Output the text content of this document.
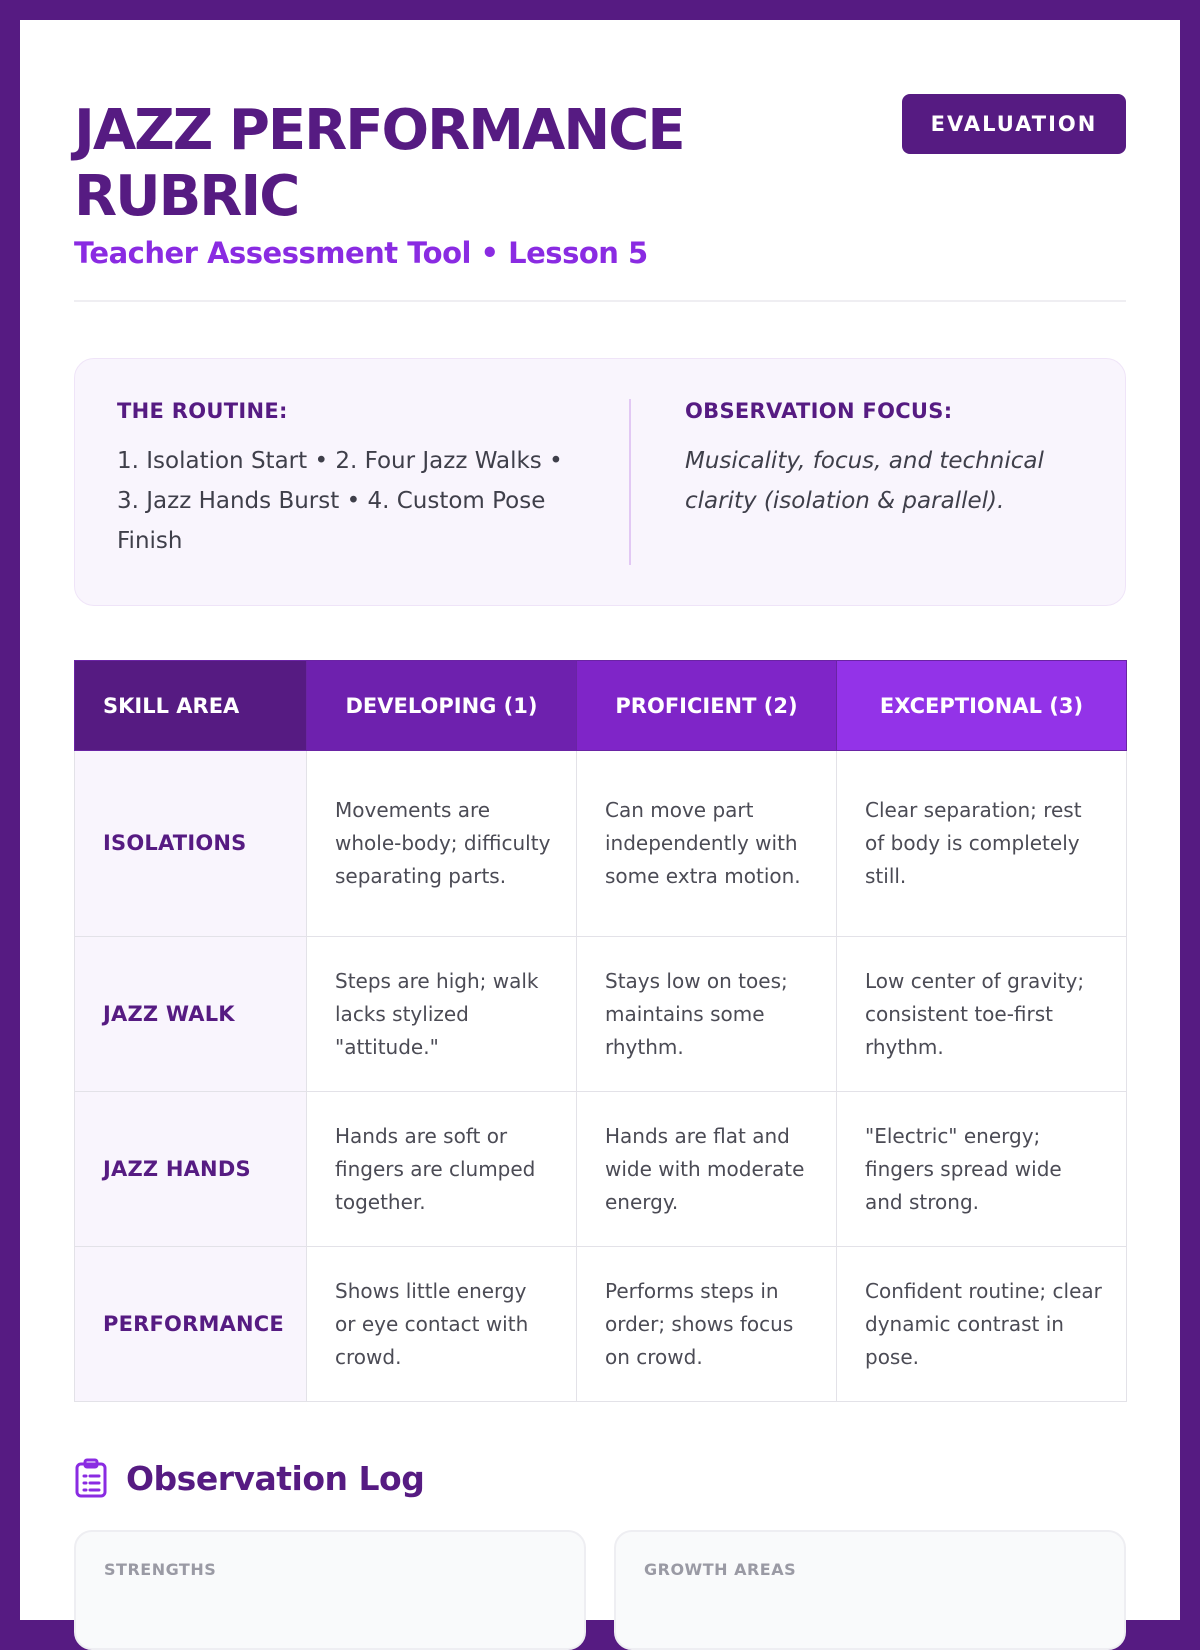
JAZZ PERFORMANCE RUBRIC
Teacher Assessment Tool • Lesson 5
EVALUATION
THE ROUTINE:
1. Isolation Start • 2. Four Jazz Walks • 3. Jazz Hands Burst • 4. Custom Pose Finish
OBSERVATION FOCUS:
Musicality, focus, and technical clarity (isolation & parallel).
SKILL AREA	DEVELOPING (1)	PROFICIENT (2)	EXCEPTIONAL (3)
ISOLATIONS	Movements are whole-body; difficulty separating parts.	Can move part independently with some extra motion.	Clear separation; rest of body is completely still.
JAZZ WALK	Steps are high; walk lacks stylized "attitude."	Stays low on toes; maintains some rhythm.	Low center of gravity; consistent toe-first rhythm.
JAZZ HANDS	Hands are soft or fingers are clumped together.	Hands are flat and wide with moderate energy.	"Electric" energy; fingers spread wide and strong.
PERFORMANCE	Shows little energy or eye contact with crowd.	Performs steps in order; shows focus on crowd.	Confident routine; clear dynamic contrast in pose.
Observation Log
STRENGTHS	GROWTH AREAS
